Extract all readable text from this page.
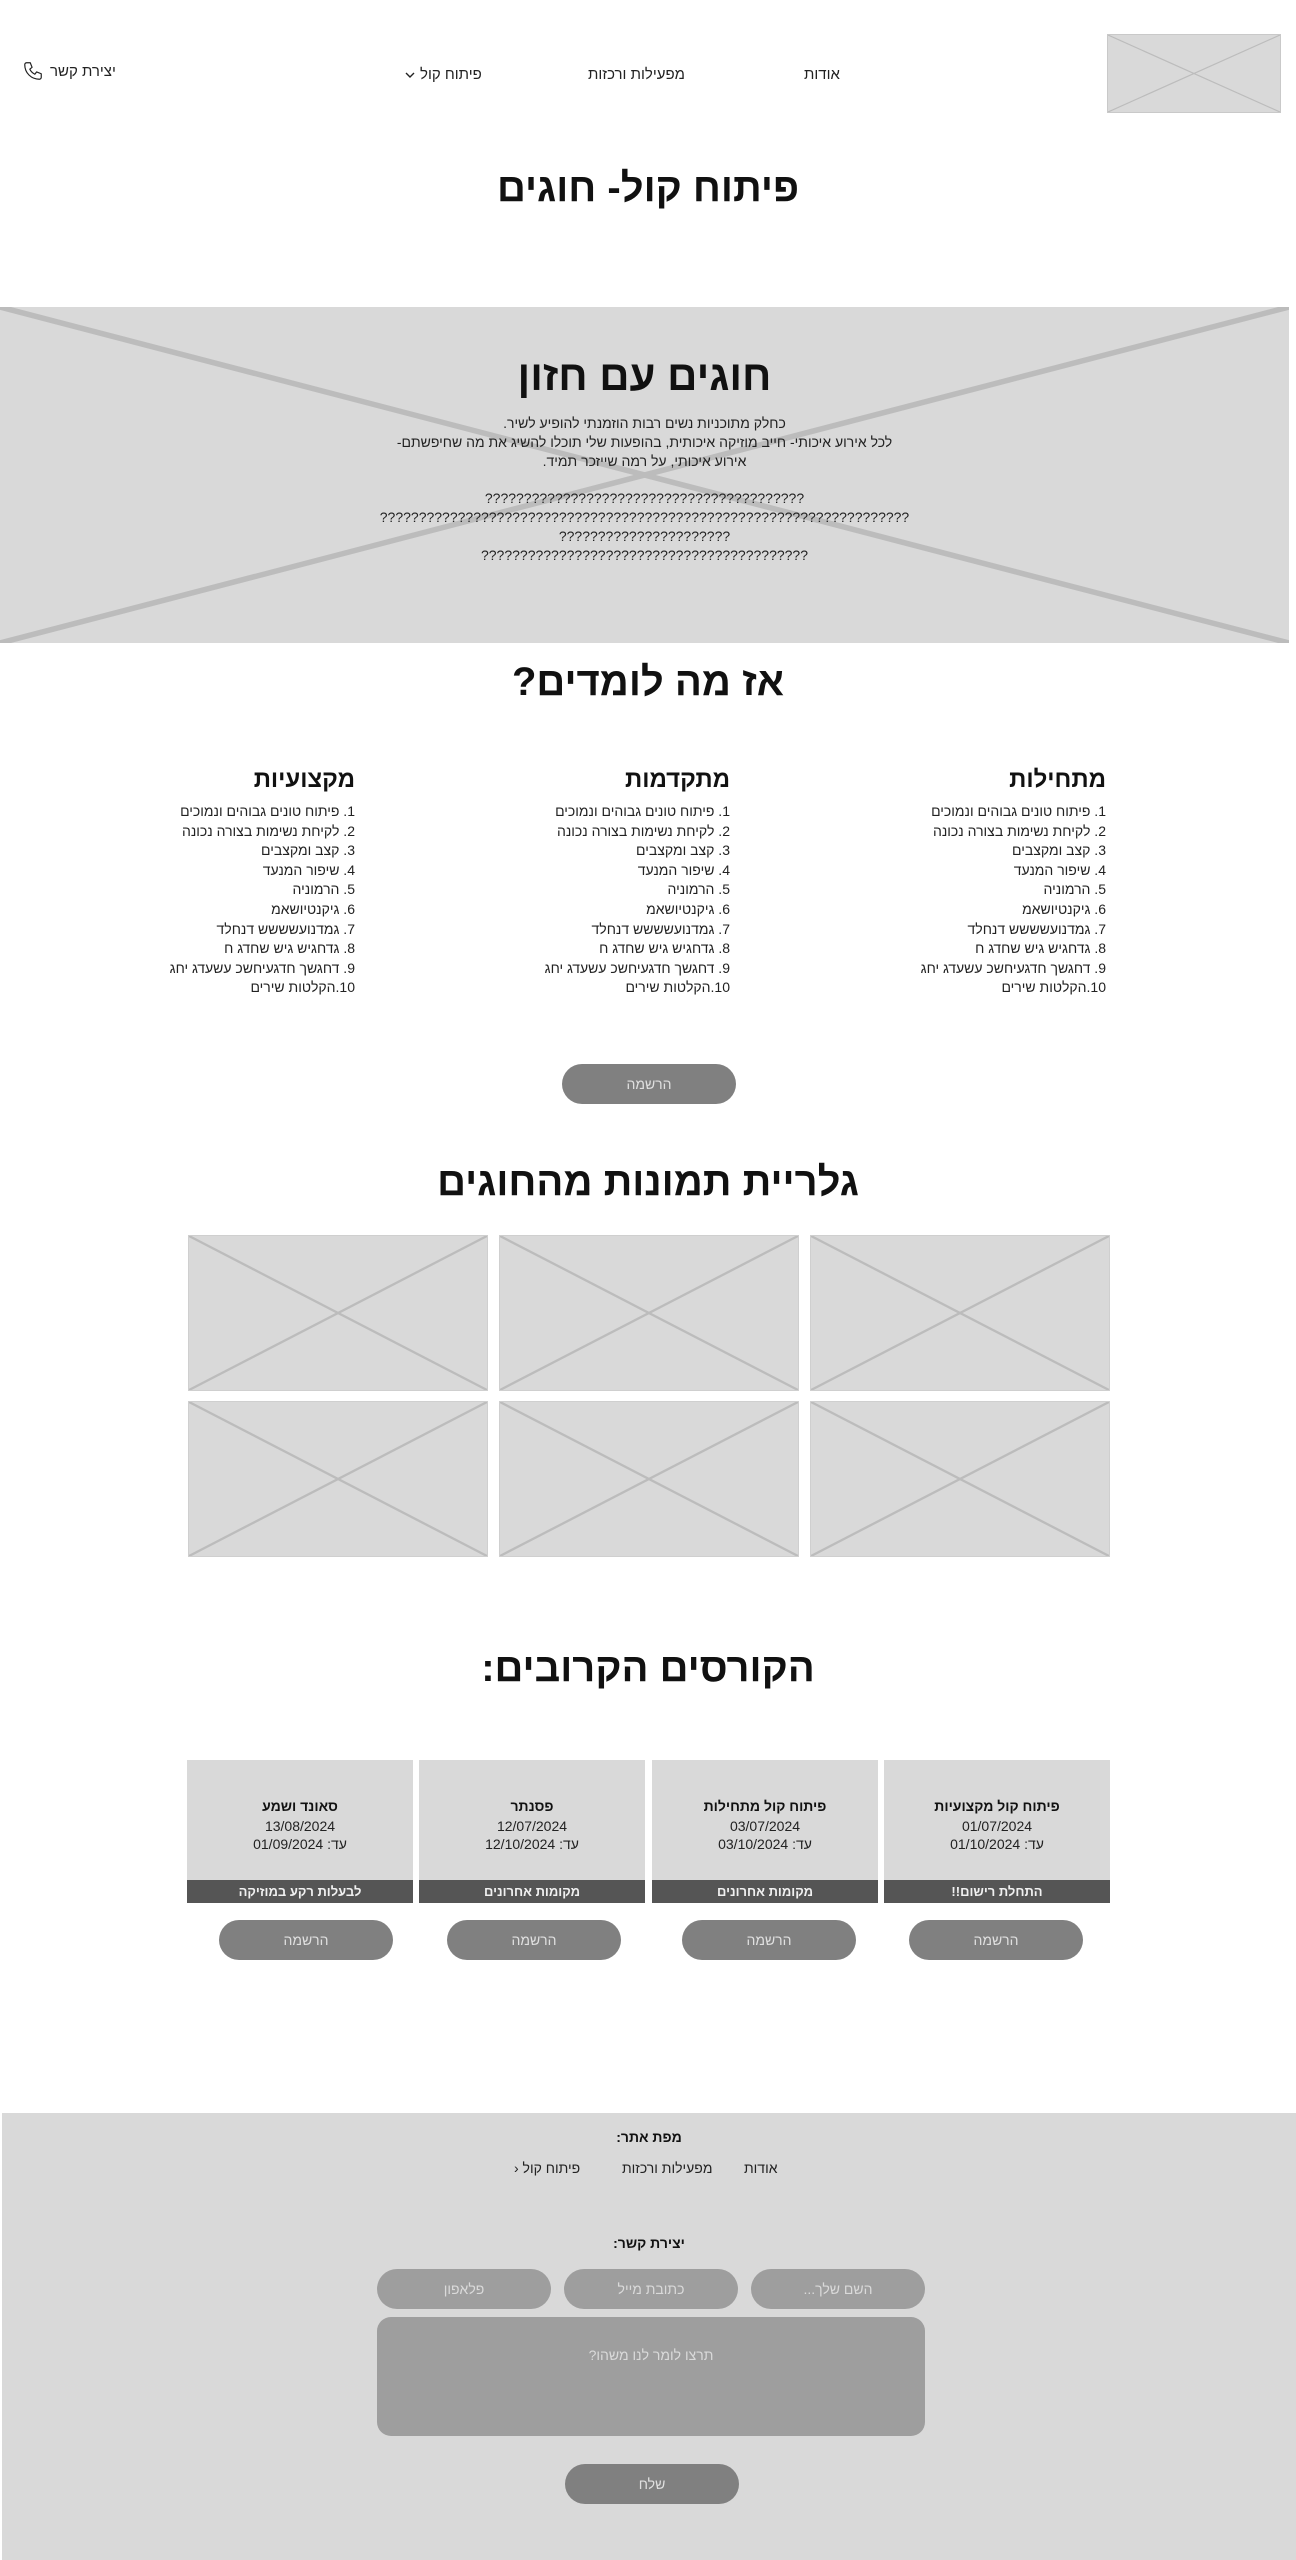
אודות
מפעילות ורכזות
פיתוח קול
יצירת קשר
פיתוח קול- חוגים
חוגים עם חזון
כחלק מתוכניות נשים רבות הוזמנתי להופיע לשיר.
לכל אירוע איכותי- חייב מוזיקה איכותית, בהופעות שלי תוכלו להשיג את מה שחיפשתם-
אירוע איכותי, על רמה שייזכר תמיד.
?????????????????????????????????????????
????????????????????????????????????????????????????????????????????
??????????????????????
??????????????????????????????????????????
אז מה לומדים?
מתחילות
1. פיתוח טונים גבוהים ונמוכים
2. לקיחת נשימות בצורה נכונה
3. קצב ומקצבים
4. שיפור המנעד
5. הרמוניה
6. גיקנטיושאמ
7. גמדנועשששש דנחלד
8. גדחגיש גיש שחדג ח
9. דחגשך חדגעיחשכ עשעדג יחג
10.הקלטות שירים
מתקדמות
1. פיתוח טונים גבוהים ונמוכים
2. לקיחת נשימות בצורה נכונה
3. קצב ומקצבים
4. שיפור המנעד
5. הרמוניה
6. גיקנטיושאמ
7. גמדנועשששש דנחלד
8. גדחגיש גיש שחדג ח
9. דחגשך חדגעיחשכ עשעדג יחג
10.הקלטות שירים
מקצועיות
1. פיתוח טונים גבוהים ונמוכים
2. לקיחת נשימות בצורה נכונה
3. קצב ומקצבים
4. שיפור המנעד
5. הרמוניה
6. גיקנטיושאמ
7. גמדנועשששש דנחלד
8. גדחגיש גיש שחדג ח
9. דחגשך חדגעיחשכ עשעדג יחג
10.הקלטות שירים
הרשמה
גלריית תמונות מהחוגים
הקורסים הקרובים:
פיתוח קול מקצועיות
01/07/2024
עד: 01/10/2024
התחלת רישום!!
פיתוח קול מתחילות
03/07/2024
עד: 03/10/2024
מקומות אחרונים
פסנתר
12/07/2024
עד: 12/10/2024
מקומות אחרונים
סאונד ושמע
13/08/2024
עד: 01/09/2024
לבעלות רקע במוזיקה
הרשמה
הרשמה
הרשמה
הרשמה
מפת אתר:
אודות
מפעילות ורכזות
פיתוח קול ‹
יצירת קשר:
השם שלך...
כתובת מייל
פלאפון
תרצו לומר לנו משהו?
שלח
